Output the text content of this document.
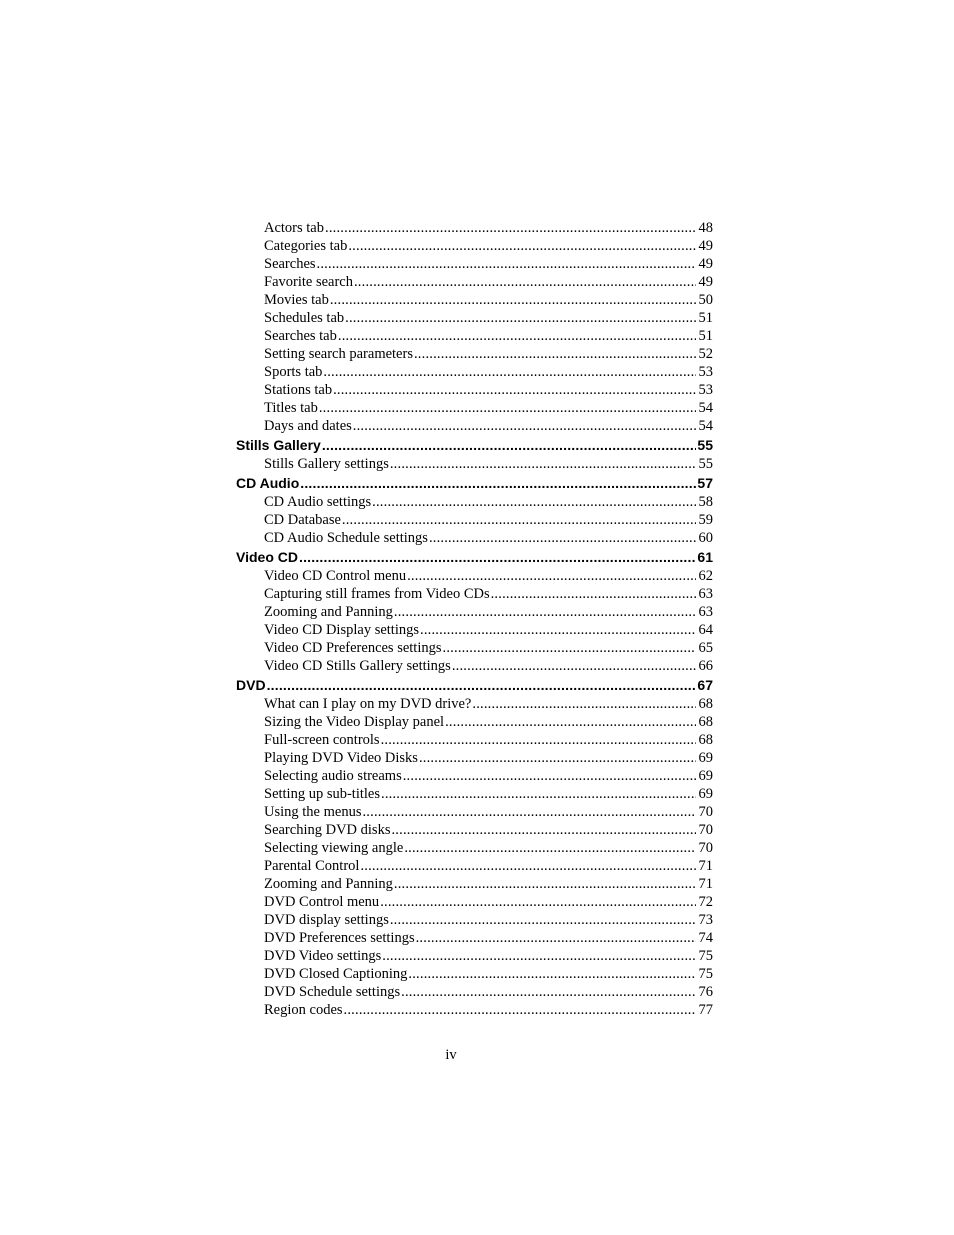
Actors tab .....	48
Categories tab .....	49
Searches .....	49
Favorite search .....	49
Movies tab .....	50
Schedules tab .....	51
Searches tab .....	51
Setting search parameters .....	52
Sports tab .....	53
Stations tab .....	53
Titles tab .....	54
Days and dates .....	54
Stills Gallery .....	55
Stills Gallery settings .....	55
CD Audio .....	57
CD Audio settings .....	58
CD Database .....	59
CD Audio Schedule settings .....	60
Video CD .....	61
Video CD Control menu .....	62
Capturing still frames from Video CDs .....	63
Zooming and Panning .....	63
Video CD Display settings .....	64
Video CD Preferences settings .....	65
Video CD Stills Gallery settings .....	66
DVD .....	67
What can I play on my DVD drive? .....	68
Sizing the Video Display panel .....	68
Full-screen controls .....	68
Playing DVD Video Disks .....	69
Selecting audio streams .....	69
Setting up sub-titles .....	69
Using the menus .....	70
Searching DVD disks .....	70
Selecting viewing angle .....	70
Parental Control .....	71
Zooming and Panning .....	71
DVD Control menu .....	72
DVD display settings .....	73
DVD Preferences settings .....	74
DVD Video settings .....	75
DVD Closed Captioning .....	75
DVD Schedule settings .....	76
Region codes .....	77
iv
